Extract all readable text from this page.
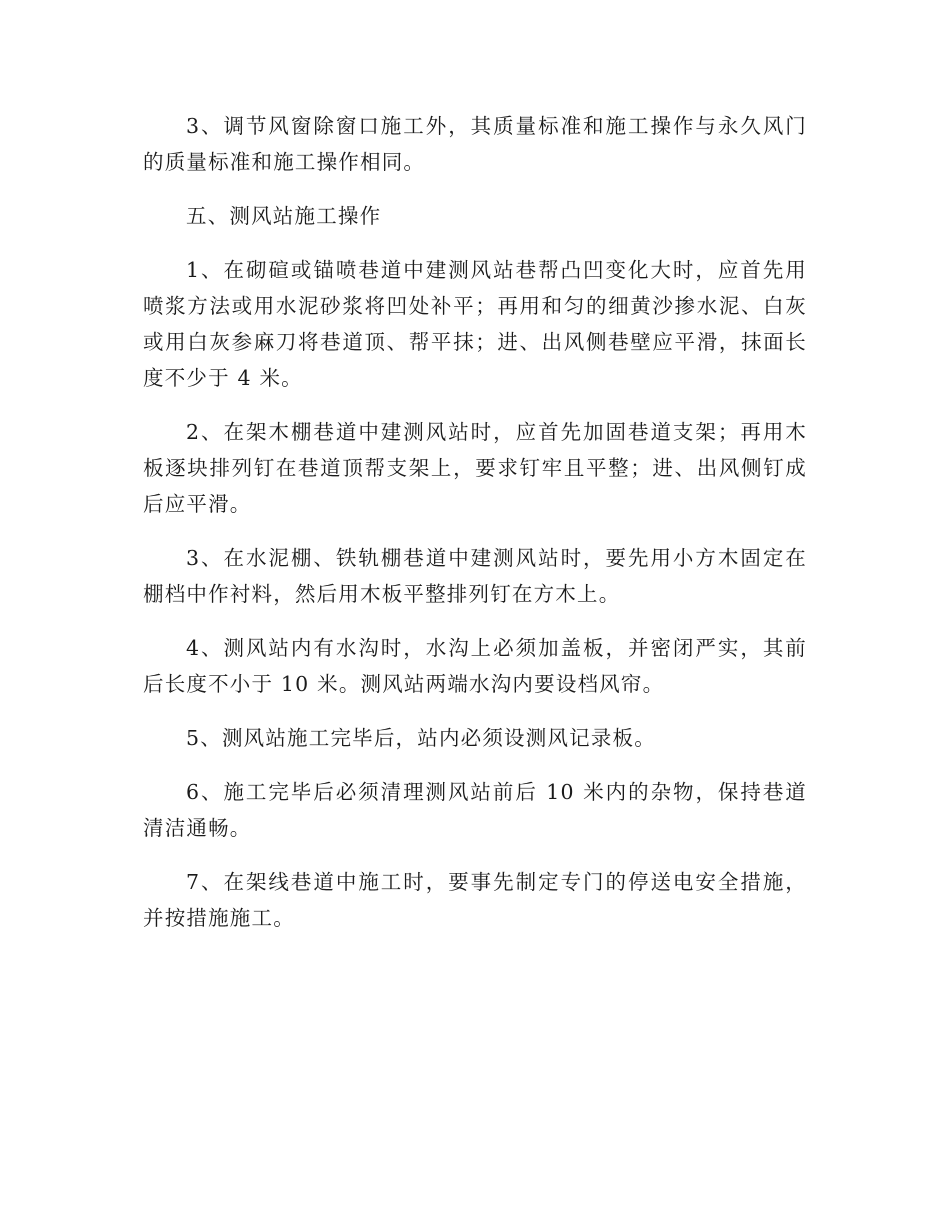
3、调节风窗除窗口施工外，其质量标准和施工操作与永久风门的质量标准和施工操作相同。

五、测风站施工操作

1、在砌碹或锚喷巷道中建测风站巷帮凸凹变化大时，应首先用喷浆方法或用水泥砂浆将凹处补平；再用和匀的细黄沙掺水泥、白灰或用白灰参麻刀将巷道顶、帮平抹；进、出风侧巷壁应平滑，抹面长度不少于 4 米。

2、在架木棚巷道中建测风站时，应首先加固巷道支架；再用木板逐块排列钉在巷道顶帮支架上，要求钉牢且平整；进、出风侧钉成后应平滑。

3、在水泥棚、铁轨棚巷道中建测风站时，要先用小方木固定在棚档中作衬料，然后用木板平整排列钉在方木上。

4、测风站内有水沟时，水沟上必须加盖板，并密闭严实，其前后长度不小于 10 米。测风站两端水沟内要设档风帘。

5、测风站施工完毕后，站内必须设测风记录板。

6、施工完毕后必须清理测风站前后 10 米内的杂物，保持巷道清洁通畅。

7、在架线巷道中施工时，要事先制定专门的停送电安全措施，并按措施施工。
